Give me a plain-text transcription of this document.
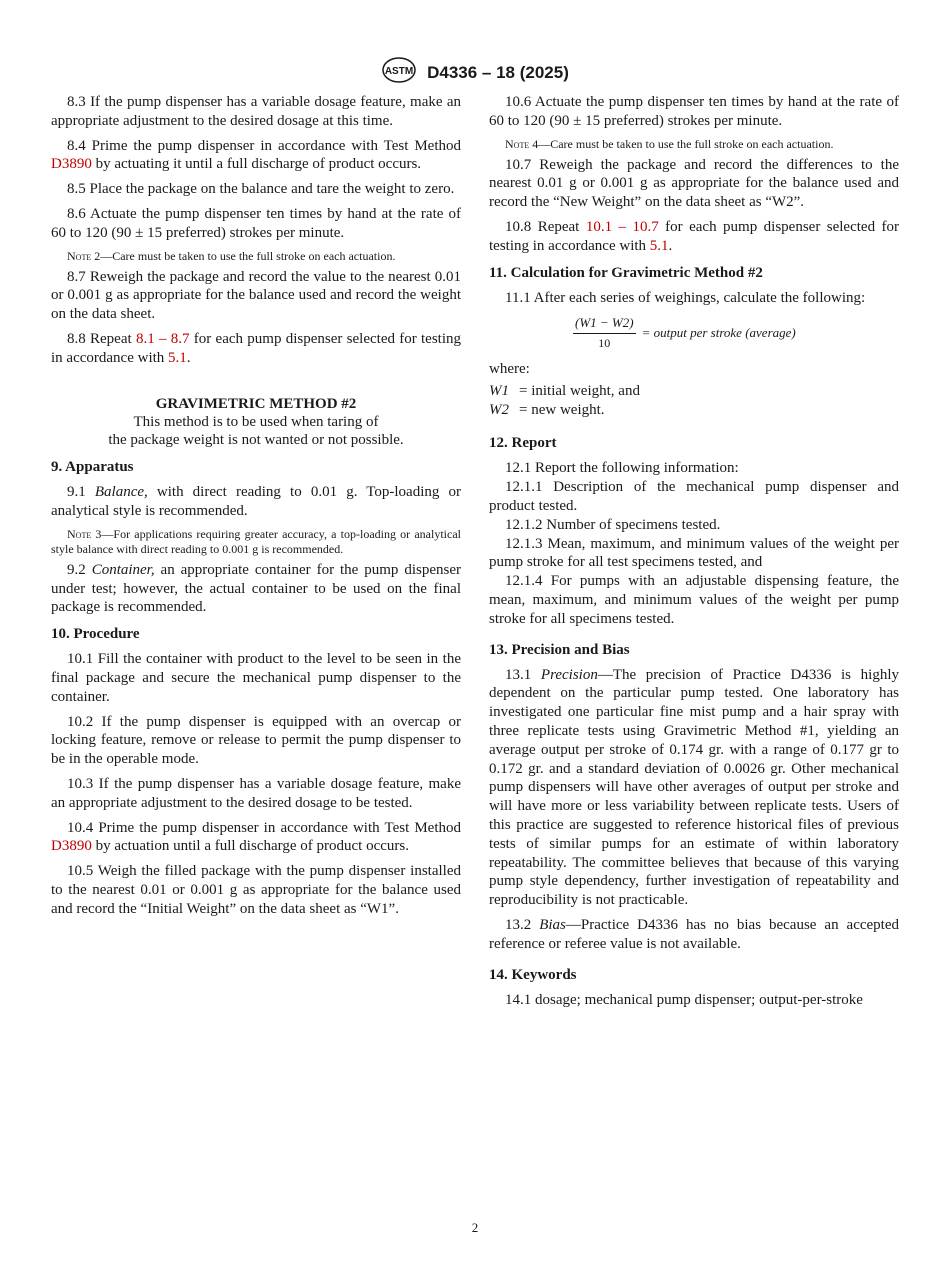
ASTM D4336 – 18 (2025)

8.3 If the pump dispenser has a variable dosage feature, make an appropriate adjustment to the desired dosage at this time.

8.4 Prime the pump dispenser in accordance with Test Method D3890 by actuating it until a full discharge of product occurs.

8.5 Place the package on the balance and tare the weight to zero.

8.6 Actuate the pump dispenser ten times by hand at the rate of 60 to 120 (90 ± 15 preferred) strokes per minute.

Note 2—Care must be taken to use the full stroke on each actuation.

8.7 Reweigh the package and record the value to the nearest 0.01 or 0.001 g as appropriate for the balance used and record the weight on the data sheet.

8.8 Repeat 8.1 – 8.7 for each pump dispenser selected for testing in accordance with 5.1.

GRAVIMETRIC METHOD #2
This method is to be used when taring of
the package weight is not wanted or not possible.
9. Apparatus

9.1 Balance, with direct reading to 0.01 g. Top-loading or analytical style is recommended.

Note 3—For applications requiring greater accuracy, a top-loading or analytical style balance with direct reading to 0.001 g is recommended.

9.2 Container, an appropriate container for the pump dispenser under test; however, the actual container to be used on the final package is recommended.

10. Procedure

10.1 Fill the container with product to the level to be seen in the final package and secure the mechanical pump dispenser to the container.

10.2 If the pump dispenser is equipped with an overcap or locking feature, remove or release to permit the pump dispenser to be in the operable mode.

10.3 If the pump dispenser has a variable dosage feature, make an appropriate adjustment to the desired dosage to be tested.

10.4 Prime the pump dispenser in accordance with Test Method D3890 by actuation until a full discharge of product occurs.

10.5 Weigh the filled package with the pump dispenser installed to the nearest 0.01 or 0.001 g as appropriate for the balance used and record the “Initial Weight” on the data sheet as “W1”.

10.6 Actuate the pump dispenser ten times by hand at the rate of 60 to 120 (90 ± 15 preferred) strokes per minute.

Note 4—Care must be taken to use the full stroke on each actuation.

10.7 Reweigh the package and record the differences to the nearest 0.01 g or 0.001 g as appropriate for the balance used and record the “New Weight” on the data sheet as “W2”.

10.8 Repeat 10.1 – 10.7 for each pump dispenser selected for testing in accordance with 5.1.

11. Calculation for Gravimetric Method #2

11.1 After each series of weighings, calculate the following:

$\frac{(W1 - W2)}{10}$ = output per stroke (average)
where:
W1 = initial weight, and
W2 = new weight.
12. Report

12.1 Report the following information:

12.1.1 Description of the mechanical pump dispenser and product tested.

12.1.2 Number of specimens tested.

12.1.3 Mean, maximum, and minimum values of the weight per pump stroke for all test specimens tested, and

12.1.4 For pumps with an adjustable dispensing feature, the mean, maximum, and minimum values of the weight per pump stroke for all specimens tested.

13. Precision and Bias

13.1 Precision—The precision of Practice D4336 is highly dependent on the particular pump tested. One laboratory has investigated one particular fine mist pump and a hair spray with three replicate tests using Gravimetric Method #1, yielding an average output per stroke of 0.174 gr. with a range of 0.177 gr to 0.172 gr. and a standard deviation of 0.0026 gr. Other mechanical pump dispensers will have other averages of output per stroke and will have more or less variability between replicate tests. Users of this practice are suggested to reference historical files of previous tests of similar pumps for an estimate of within laboratory repeatability. The committee believes that because of this varying pump style dependency, further investigation of repeatability and reproducibility is not practicable.

13.2 Bias—Practice D4336 has no bias because an accepted reference or referee value is not available.

14. Keywords

14.1 dosage; mechanical pump dispenser; output-per-stroke

2
